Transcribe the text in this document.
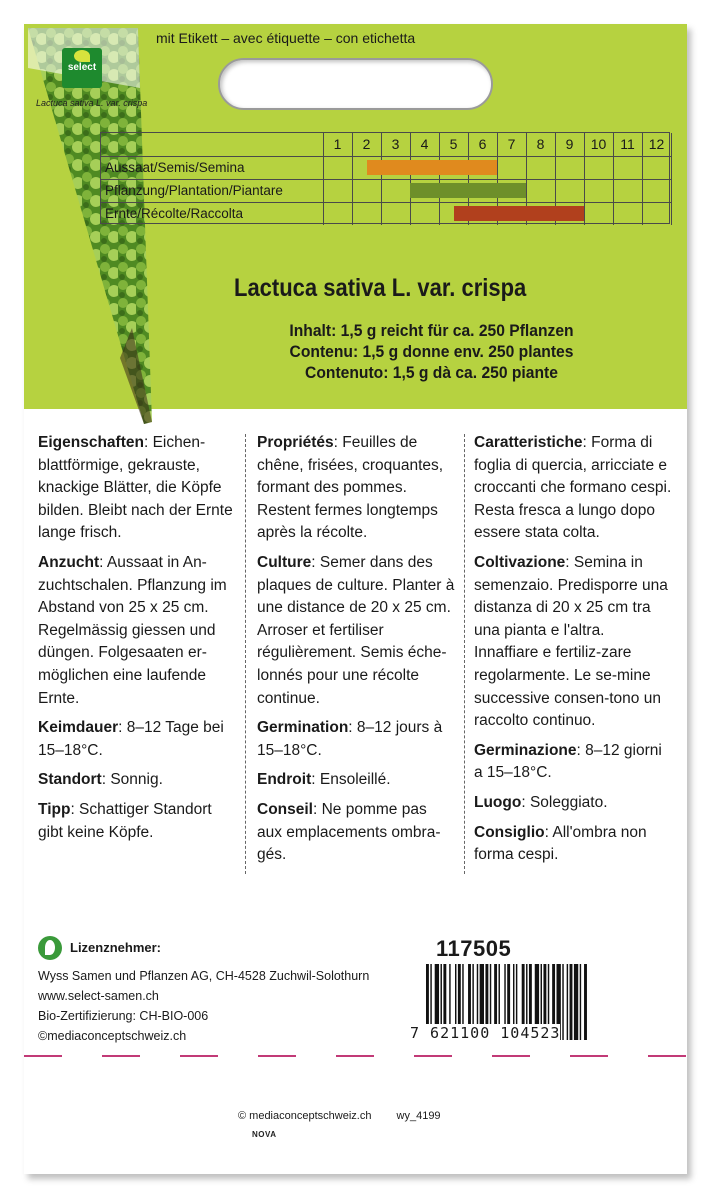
mit Etikett – avec étiquette – con etichetta
select
Lactuca sativa L. var. crispa
1	2	3	4	5	6	7	8	9	10 11 12
Aussaat/Semis/Semina
Pflanzung/Plantation/Piantare
Ernte/Récolte/Raccolta
Lactuca sativa L. var. crispa
Inhalt: 1,5 g reicht für ca. 250 Pflanzen
Contenu: 1,5 g donne env. 250 plantes
Contenuto: 1,5 g dà ca. 250 piante

Eigenschaften: Eichen-blattförmige, gekrauste, knackige Blätter, die Köpfe bilden. Bleibt nach der Ernte lange frisch.

Anzucht: Aussaat in An-zuchtschalen. Pflanzung im Abstand von 25 x 25 cm. Regelmässig giessen und düngen. Folgesaaten er-möglichen eine laufende Ernte.

Keimdauer: 8–12 Tage bei 15–18°C.

Standort: Sonnig.

Tipp: Schattiger Standort gibt keine Köpfe.

Propriétés: Feuilles de chêne, frisées, croquantes, formant des pommes. Restent fermes longtemps après la récolte.

Culture: Semer dans des plaques de culture. Planter à une distance de 20 x 25 cm. Arroser et fertiliser régulièrement. Semis éche-lonnés pour une récolte continue.

Germination: 8–12 jours à 15–18°C.

Endroit: Ensoleillé.

Conseil: Ne pomme pas aux emplacements ombra-gés.

Caratteristiche: Forma di foglia di quercia, arricciate e croccanti che formano cespi. Resta fresca a lungo dopo essere stata colta.

Coltivazione: Semina in semenzaio. Predisporre una distanza di 20 x 25 cm tra una pianta e l'altra. Innaffiare e fertiliz-zare regolarmente. Le se-mine successive consen-tono un raccolto continuo.

Germinazione: 8–12 giorni a 15–18°C.

Luogo: Soleggiato.

Consiglio: All'ombra non forma cespi.

Lizenznehmer:
Wyss Samen und Pflanzen AG, CH-4528 Zuchwil-Solothurn
www.select-samen.ch
Bio-Zertifizierung: CH-BIO-006
©mediaconceptschweiz.ch
117505
7 621100 104523
© mediaconceptschweiz.ch wy_4199
NOVA
